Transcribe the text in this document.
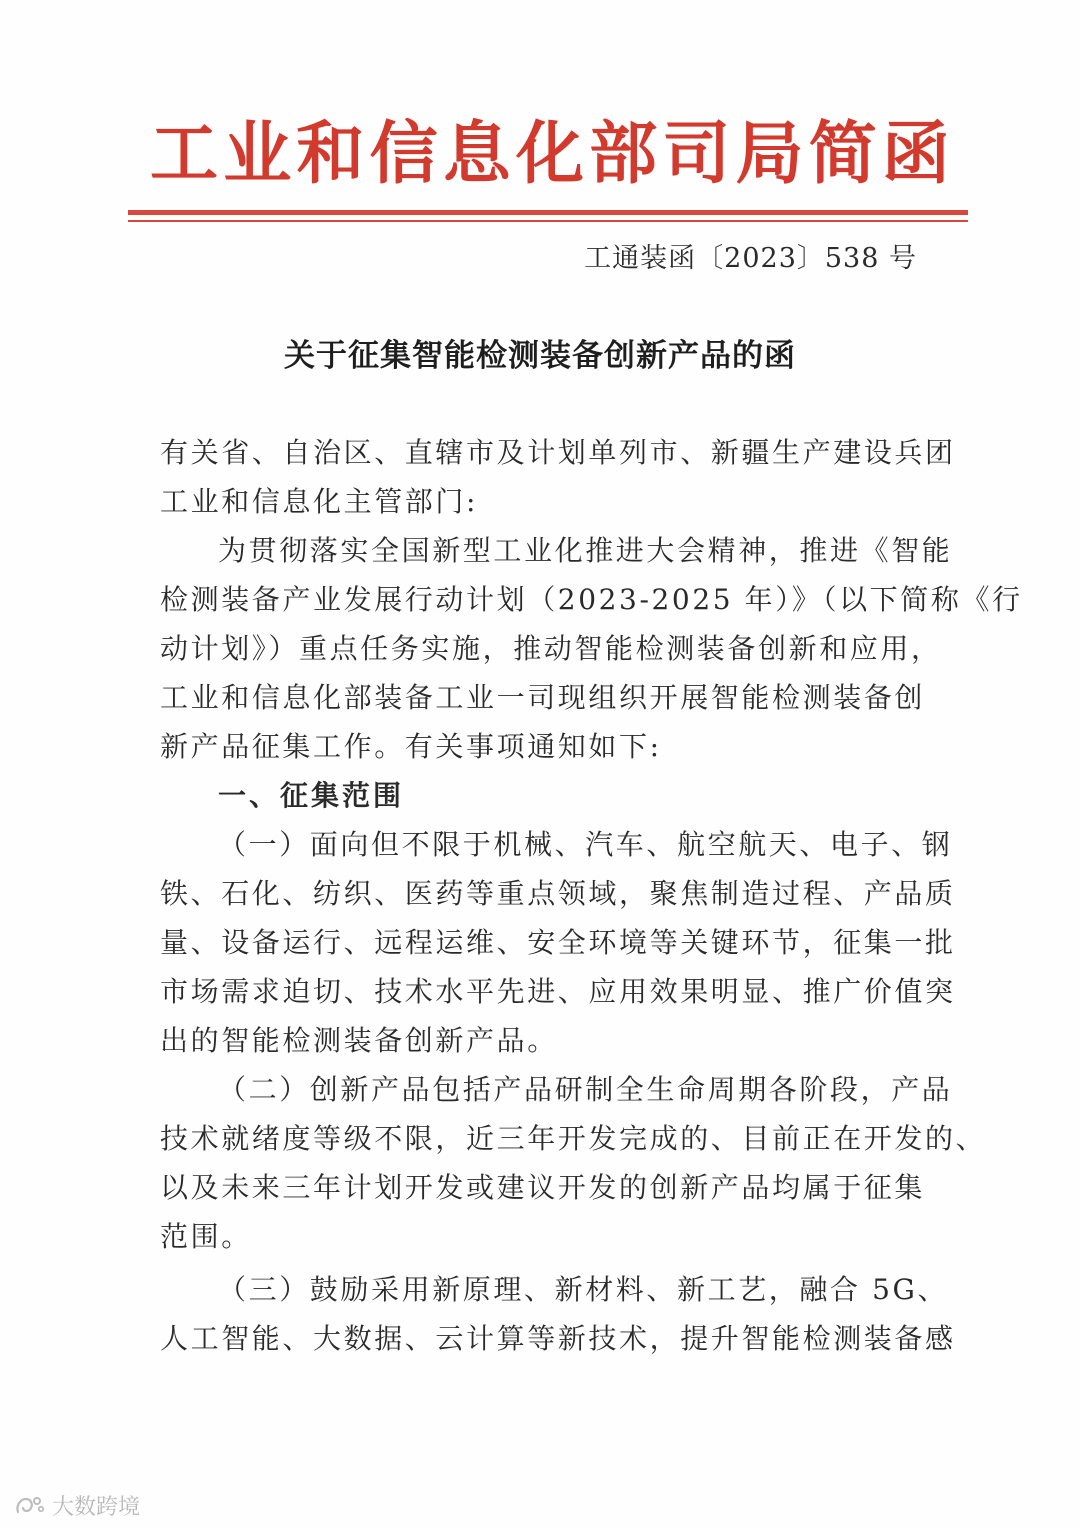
工 业 和 信 息 化 部 司 局 简 函
工通装函〔2023〕538 号
关于征集智能检测装备创新产品的函
有关省、自治区、直辖市及计划单列市、新疆生产建设兵团
工业和信息化主管部门:
为贯彻落实全国新型工业化推进大会精神，推进《智能
检测装备产业发展行动计划（2023-2025 年）》（以下简称《行
动计划》）重点任务实施，推动智能检测装备创新和应用，
工业和信息化部装备工业一司现组织开展智能检测装备创
新产品征集工作。有关事项通知如下:
一、征集范围
（一）面向但不限于机械、汽车、航空航天、电子、钢
铁、石化、纺织、医药等重点领域，聚焦制造过程、产品质
量、设备运行、远程运维、安全环境等关键环节，征集一批
市场需求迫切、技术水平先进、应用效果明显、推广价值突
出的智能检测装备创新产品。
（二）创新产品包括产品研制全生命周期各阶段，产品
技术就绪度等级不限，近三年开发完成的、目前正在开发的、
以及未来三年计划开发或建议开发的创新产品均属于征集
范围。
（三）鼓励采用新原理、新材料、新工艺，融合 5G、
人工智能、大数据、云计算等新技术，提升智能检测装备感
大数跨境
